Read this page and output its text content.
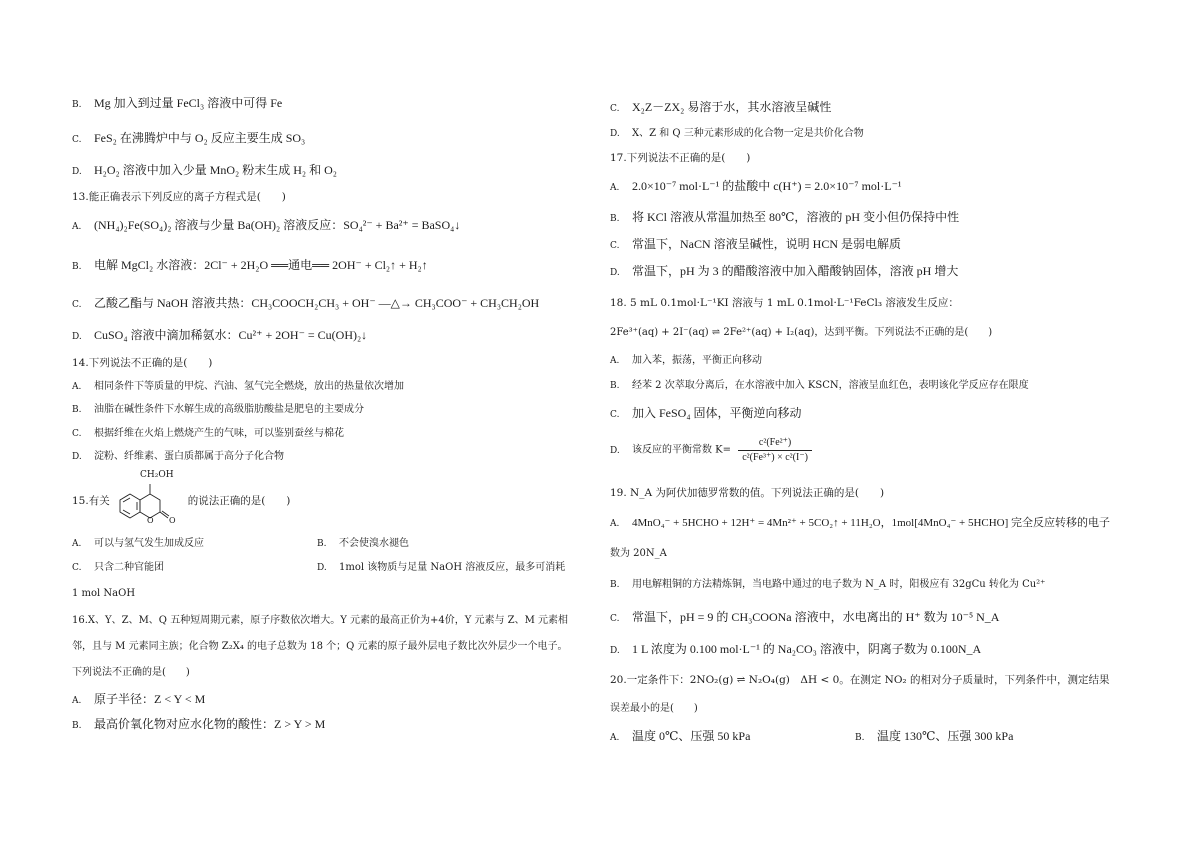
B. Mg 加入到过量 FeCl₃ 溶液中可得 Fe
C. FeS₂ 在沸腾炉中与 O₂ 反应主要生成 SO₃
D. H₂O₂ 溶液中加入少量 MnO₂ 粉末生成 H₂ 和 O₂
13.能正确表示下列反应的离子方程式是(　　)
A. (NH₄)₂Fe(SO₄)₂ 溶液与少量 Ba(OH)₂ 溶液反应：SO₄²⁻ + Ba²⁺ = BaSO₄↓
B. 电解 MgCl₂ 水溶液：2Cl⁻ + 2H₂O ══通电══ 2OH⁻ + Cl₂↑ + H₂↑
C. 乙酸乙酯与 NaOH 溶液共热：CH₃COOCH₂CH₃ + OH⁻ —△→ CH₃COO⁻ + CH₃CH₂OH
D. CuSO₄ 溶液中滴加稀氨水：Cu²⁺ + 2OH⁻ = Cu(OH)₂↓
14.下列说法不正确的是(　　)
A. 相同条件下等质量的甲烷、汽油、氢气完全燃烧，放出的热量依次增加
B. 油脂在碱性条件下水解生成的高级脂肪酸盐是肥皂的主要成分
C. 根据纤维在火焰上燃烧产生的气味，可以鉴别蚕丝与棉花
D. 淀粉、纤维素、蛋白质都属于高分子化合物
CH₂OH
O O
15.有关	的说法正确的是(　　)
A. 可以与氢气发生加成反应	B. 不会使溴水褪色
C. 只含二种官能团	D. 1mol 该物质与足量 NaOH 溶液反应，最多可消耗
1 mol NaOH
16.X、Y、Z、M、Q 五种短周期元素，原子序数依次增大。Y 元素的最高正价为+4价，Y 元素与 Z、M 元素相
邻，且与 M 元素同主族；化合物 Z₂X₄ 的电子总数为 18 个；Q 元素的原子最外层电子数比次外层少一个电子。
下列说法不正确的是(　　)
A. 原子半径：Z < Y < M
B. 最高价氧化物对应水化物的酸性：Z > Y > M
C. X₂Z－ZX₂ 易溶于水，其水溶液呈碱性
D. X、Z 和 Q 三种元素形成的化合物一定是共价化合物
17.下列说法不正确的是(　　)
A. 2.0×10⁻⁷ mol·L⁻¹ 的盐酸中 c(H⁺) = 2.0×10⁻⁷ mol·L⁻¹
B. 将 KCl 溶液从常温加热至 80℃，溶液的 pH 变小但仍保持中性
C. 常温下，NaCN 溶液呈碱性，说明 HCN 是弱电解质
D. 常温下，pH 为 3 的醋酸溶液中加入醋酸钠固体，溶液 pH 增大
18. 5 mL 0.1mol·L⁻¹KI 溶液与 1 mL 0.1mol·L⁻¹FeCl₃ 溶液发生反应：
2Fe³⁺(aq) + 2I⁻(aq) ⇌ 2Fe²⁺(aq) + I₂(aq)，达到平衡。下列说法不正确的是(　　)
A. 加入苯，振荡，平衡正向移动
B. 经苯 2 次萃取分离后，在水溶液中加入 KSCN，溶液呈血红色，表明该化学反应存在限度
C. 加入 FeSO₄ 固体，平衡逆向移动
D. 该反应的平衡常数 $K= \frac{\text{c²(Fe²⁺)}}{\text{c²(Fe³⁺) × c²(I⁻)}}$
19. N_A 为阿伏加德罗常数的值。下列说法正确的是(　　)
A. 4MnO₄⁻ + 5HCHO + 12H⁺ = 4Mn²⁺ + 5CO₂↑ + 11H₂O，1mol[4MnO₄⁻ + 5HCHO] 完全反应转移的电子
数为 20N_A
B. 用电解粗铜的方法精炼铜，当电路中通过的电子数为 N_A 时，阳极应有 32gCu 转化为 Cu²⁺
C. 常温下，pH = 9 的 CH₃COONa 溶液中，水电离出的 H⁺ 数为 10⁻⁵ N_A
D. 1 L 浓度为 0.100 mol·L⁻¹ 的 Na₂CO₃ 溶液中，阴离子数为 0.100N_A
20.一定条件下：2NO₂(g) ⇌ N₂O₄(g)　ΔH < 0。在测定 NO₂ 的相对分子质量时，下列条件中，测定结果
误差最小的是(　　)
A. 温度 0℃、压强 50 kPa	B. 温度 130℃、压强 300 kPa
